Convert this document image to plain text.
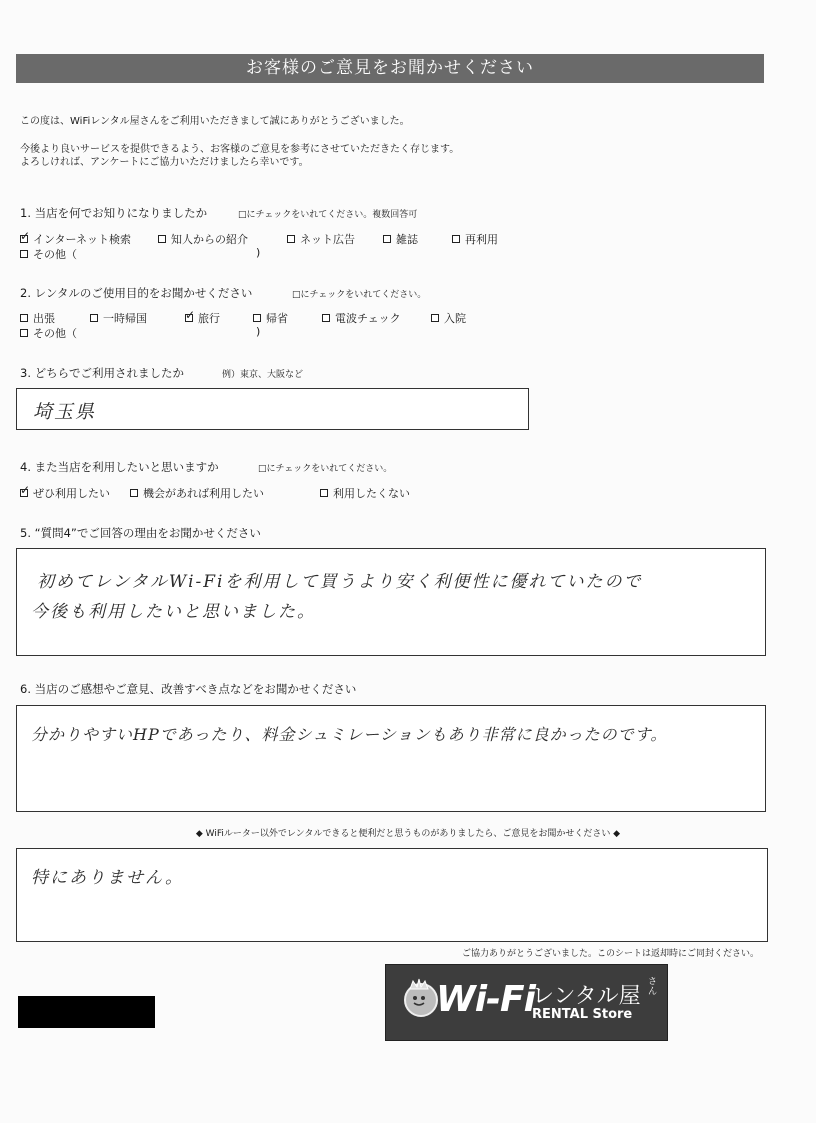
お客様のご意見をお聞かせください
この度は、WiFiレンタル屋さんをご利用いただきまして誠にありがとうございました。
今後より良いサービスを提供できるよう、お客様のご意見を参考にさせていただきたく存じます。
よろしければ、アンケートにご協力いただけましたら幸いです。
1. 当店を何でお知りになりましたか	□にチェックをいれてください。複数回答可
✓
インターネット検索	知人からの紹介	ネット広告	雑誌	再利用
その他（	)
2. レンタルのご使用目的をお聞かせください	□にチェックをいれてください。
出張	一時帰国
✓	旅行	帰省	電波チェック	入院
その他（	)
3. どちらでご利用されましたか	例）東京、大阪など
埼玉県
4. また当店を利用したいと思いますか	□にチェックをいれてください。
✓
ぜひ利用したい	機会があれば利用したい	利用したくない
5. “質問4”でご回答の理由をお聞かせください
初めてレンタルWi-Fiを利用して買うより安く利便性に優れていたので
今後も利用したいと思いました。
6. 当店のご感想やご意見、改善すべき点などをお聞かせください
分かりやすいHPであったり、料金シュミレーションもあり非常に良かったのです。
◆ WiFiルーター以外でレンタルできると便利だと思うものがありましたら、ご意見をお聞かせください ◆
特にありません。
ご協力ありがとうございました。このシートは返却時にご同封ください。
Wi-Fi
レンタル屋
さん
RENTAL Store
